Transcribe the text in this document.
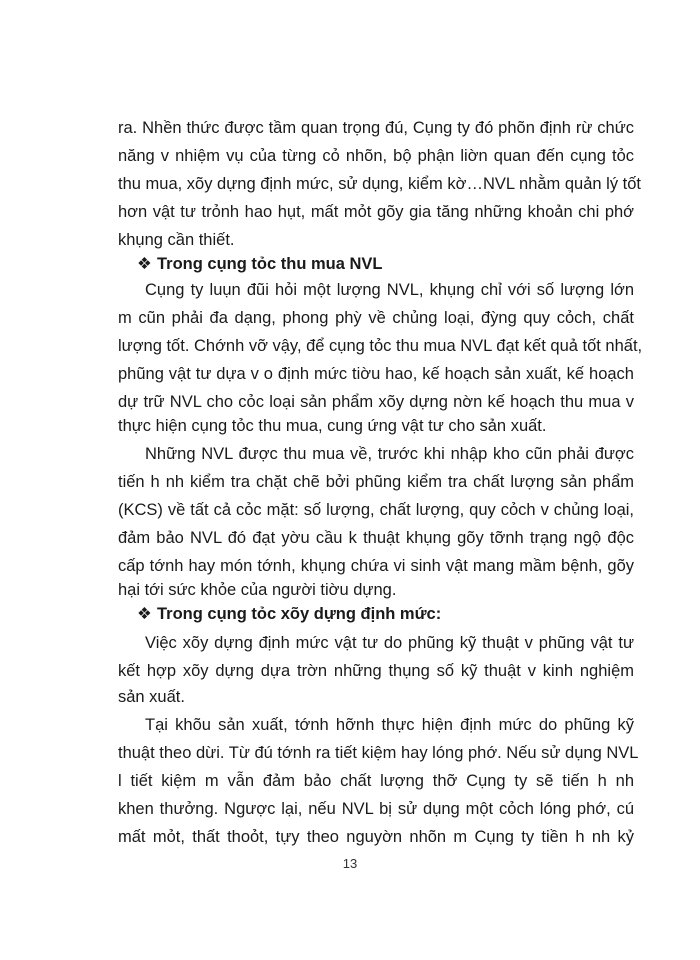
ra. Nhền thức được tầm quan trọng đú, Cụng ty đó phõn định rừ chức
năng v nhiệm vụ của từng cỏ nhõn, bộ phận liờn quan đến cụng tỏc
thu mua, xõy dựng định mức, sử dụng, kiểm kờ…NVL nhằm quản lý tốt
hơn vật tư trỏnh hao hụt, mất mỏt gõy gia tăng những khoản chi phớ
khụng cần thiết.
❖ Trong cụng tỏc thu mua NVL
Cụng ty luụn đũi hỏi một lượng NVL, khụng chỉ với số lượng lớn
m cũn phải đa dạng, phong phỳ về chủng loại, đỳng quy cỏch, chất
lượng tốt. Chớnh vỡ vậy, để cụng tỏc thu mua NVL đạt kết quả tốt nhất,
phũng vật tư dựa v o định mức tiờu hao, kế hoạch sản xuất, kế hoạch
dự trữ NVL cho cỏc loại sản phẩm xõy dựng nờn kế hoạch thu mua v
thực hiện cụng tỏc thu mua, cung ứng vật tư cho sản xuất.
Những NVL được thu mua về, trước khi nhập kho cũn phải được
tiến h nh kiểm tra chặt chẽ bởi phũng kiểm tra chất lượng sản phẩm
(KCS) về tất cả cỏc mặt: số lượng, chất lượng, quy cỏch v chủng loại,
đảm bảo NVL đó đạt yờu cầu k thuật khụng gõy tỡnh trạng ngộ độc
cấp tớnh hay món tớnh, khụng chứa vi sinh vật mang mầm bệnh, gõy
hại tới sức khỏe của người tiờu dựng.
❖ Trong cụng tỏc xõy dựng định mức:
Việc xõy dựng định mức vật tư do phũng kỹ thuật v phũng vật tư
kết hợp xõy dựng dựa trờn những thụng số kỹ thuật v kinh nghiệm
sản xuất.
Tại khõu sản xuất, tớnh hỡnh thực hiện định mức do phũng kỹ
thuật theo dừi. Từ đú tớnh ra tiết kiệm hay lóng phớ. Nếu sử dụng NVL
l tiết kiệm m vẫn đảm bảo chất lượng thỡ Cụng ty sẽ tiến h nh
khen thưởng. Ngược lại, nếu NVL bị sử dụng một cỏch lóng phớ, cú
mất mỏt, thất thoỏt, tựy theo nguyờn nhõn m Cụng ty tiền h nh kỷ
13
